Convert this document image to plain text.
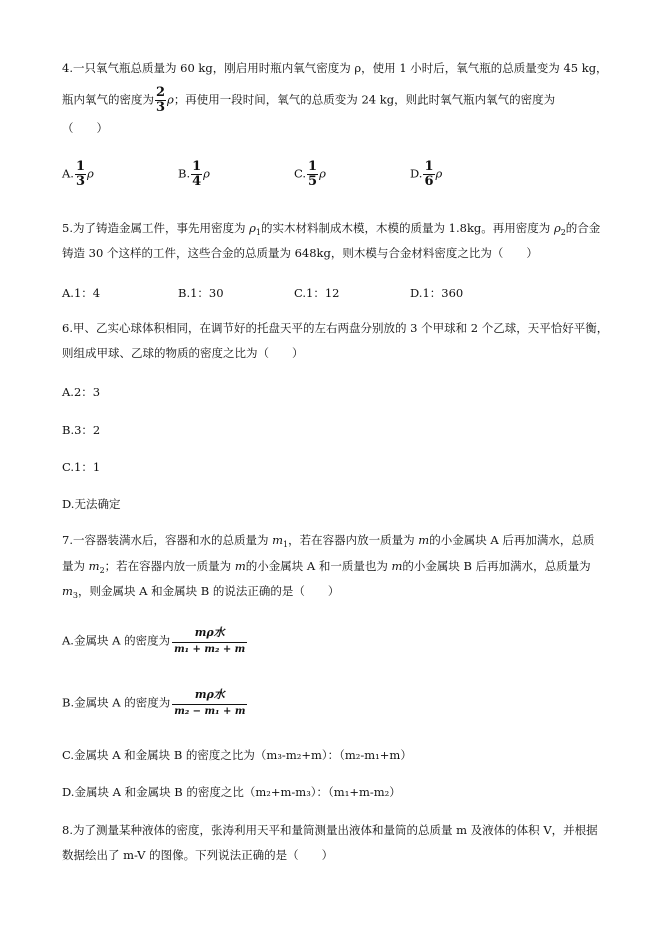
4.一只氧气瓶总质量为 60 kg，刚启用时瓶内氧气密度为 ρ，使用 1 小时后，氧气瓶的总质量变为 45 kg，
瓶内氧气的密度为 $\frac{2}{3}$ ρ；再使用一段时间，氧气的总质变为 24 kg，则此时氧气瓶内氧气的密度为
（　　）
A. $\frac{1}{3}$ ρ	B. $\frac{1}{4}$ ρ	C. $\frac{1}{5}$ ρ	D. $\frac{1}{6}$ ρ
5.为了铸造金属工件，事先用密度为 $\rho_1$的实木材料制成木模，木模的质量为 1.8kg。再用密度为 $\rho_2$的合金
铸造 30 个这样的工件，这些合金的总质量为 648kg，则木模与合金材料密度之比为（　　）
A.1：4	B.1：30	C.1：12	D.1：360
6.甲、乙实心球体积相同，在调节好的托盘天平的左右两盘分别放的 3 个甲球和 2 个乙球，天平恰好平衡，
则组成甲球、乙球的物质的密度之比为（　　）
A.2：3
B.3：2
C.1：1
D.无法确定
7.一容器装满水后，容器和水的总质量为 $m_1$，若在容器内放一质量为 m的小金属块 A 后再加满水，总质
量为 $m_2$；若在容器内放一质量为 m的小金属块 A 和一质量也为 m的小金属块 B 后再加满水，总质量为
$m_3$，则金属块 A 和金属块 B 的说法正确的是（　　）
A.金属块 A 的密度为 $\frac{\text{mρ水}}{\text{m₁ + m₂ + m}}$
B.金属块 A 的密度为 $\frac{\text{mρ水}}{\text{m₂ − m₁ + m}}$
C.金属块 A 和金属块 B 的密度之比为（m₃-m₂+m）：（m₂-m₁+m）
D.金属块 A 和金属块 B 的密度之比（m₂+m-m₃）：（m₁+m-m₂）
8.为了测量某种液体的密度，张涛利用天平和量筒测量出液体和量筒的总质量 m 及液体的体积 V，并根据
数据绘出了 m-V 的图像。下列说法正确的是（　　）
